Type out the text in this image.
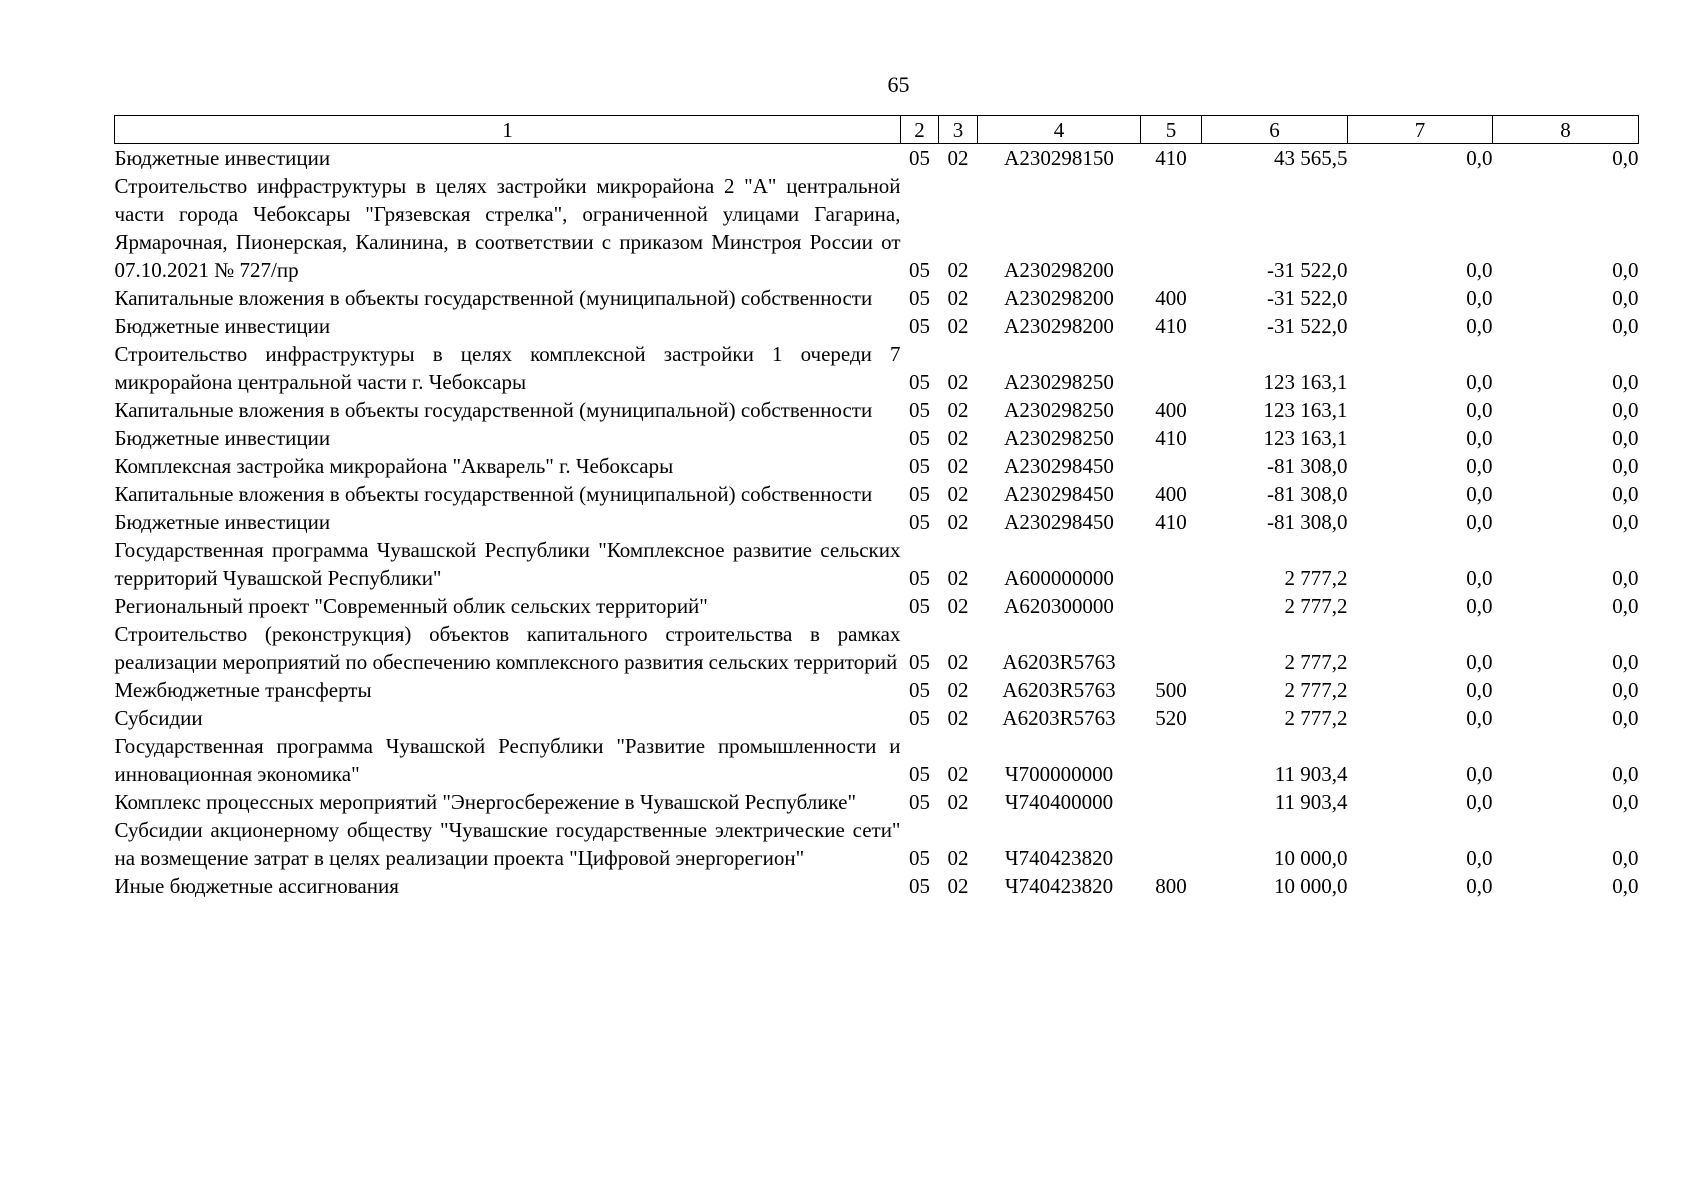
65
1	2	3	4	5	6	7	8
Бюджетные инвестиции	05	02	A230298150	410	43 565,5	0,0	0,0
Строительство инфраструктуры в целях застройки микрорайона 2 "А" центральной части города Чебоксары "Грязевская стрелка", ограниченной улицами Гагарина, Ярмарочная, Пионерская, Калинина, в соответствии с приказом Минстроя России от 07.10.2021 № 727/пр	05	02	A230298200		-31 522,0	0,0	0,0
Капитальные вложения в объекты государственной (муниципальной) собственности	05	02	A230298200	400	-31 522,0	0,0	0,0
Бюджетные инвестиции	05	02	A230298200	410	-31 522,0	0,0	0,0
Строительство инфраструктуры в целях комплексной застройки 1 очереди 7 микрорайона центральной части г. Чебоксары	05	02	A230298250		123 163,1	0,0	0,0
Капитальные вложения в объекты государственной (муниципальной) собственности	05	02	A230298250	400	123 163,1	0,0	0,0
Бюджетные инвестиции	05	02	A230298250	410	123 163,1	0,0	0,0
Комплексная застройка микрорайона "Акварель" г. Чебоксары	05	02	A230298450		-81 308,0	0,0	0,0
Капитальные вложения в объекты государственной (муниципальной) собственности	05	02	A230298450	400	-81 308,0	0,0	0,0
Бюджетные инвестиции	05	02	A230298450	410	-81 308,0	0,0	0,0
Государственная программа Чувашской Республики "Комплексное развитие сельских территорий Чувашской Республики"	05	02	A600000000		2 777,2	0,0	0,0
Региональный проект "Современный облик сельских территорий"	05	02	A620300000		2 777,2	0,0	0,0
Строительство (реконструкция) объектов капитального строительства в рамках реализации мероприятий по обеспечению комплексного развития сельских территорий	05	02	A6203R5763		2 777,2	0,0	0,0
Межбюджетные трансферты	05	02	A6203R5763	500	2 777,2	0,0	0,0
Субсидии	05	02	A6203R5763	520	2 777,2	0,0	0,0
Государственная программа Чувашской Республики "Развитие промышленности и инновационная экономика"	05	02	Ч700000000		11 903,4	0,0	0,0
Комплекс процессных мероприятий "Энергосбережение в Чувашской Республике"	05	02	Ч740400000		11 903,4	0,0	0,0
Субсидии акционерному обществу "Чувашские государственные электрические сети" на возмещение затрат в целях реализации проекта "Цифровой энергорегион"	05	02	Ч740423820		10 000,0	0,0	0,0
Иные бюджетные ассигнования	05	02	Ч740423820	800	10 000,0	0,0	0,0
